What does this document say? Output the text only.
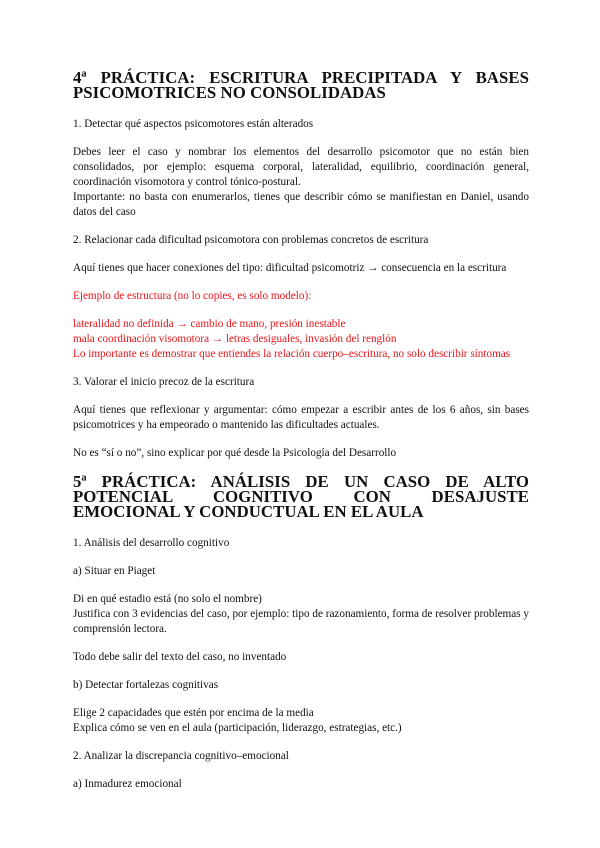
4ª PRÁCTICA: ESCRITURA PRECIPITADA Y BASES PSICOMOTRICES NO CONSOLIDADAS

1. Detectar qué aspectos psicomotores están alterados

Debes leer el caso y nombrar los elementos del desarrollo psicomotor que no están bien consolidados, por ejemplo: esquema corporal, lateralidad, equilibrio, coordinación general, coordinación visomotora y control tónico-postural.

Importante: no basta con enumerarlos, tienes que describir cómo se manifiestan en Daniel, usando datos del caso

2. Relacionar cada dificultad psicomotora con problemas concretos de escritura

Aquí tienes que hacer conexiones del tipo: dificultad psicomotriz → consecuencia en la escritura

Ejemplo de estructura (no lo copies, es solo modelo):

lateralidad no definida → cambio de mano, presión inestable

mala coordinación visomotora → letras desiguales, invasión del renglón

Lo importante es demostrar que entiendes la relación cuerpo–escritura, no solo describir síntomas

3. Valorar el inicio precoz de la escritura

Aquí tienes que reflexionar y argumentar: cómo empezar a escribir antes de los 6 años, sin bases psicomotrices y ha empeorado o mantenido las dificultades actuales.

No es “sí o no”, sino explicar por qué desde la Psicología del Desarrollo

5ª PRÁCTICA: ANÁLISIS DE UN CASO DE ALTO POTENCIAL COGNITIVO CON DESAJUSTE EMOCIONAL Y CONDUCTUAL EN EL AULA

1. Análisis del desarrollo cognitivo

a) Situar en Piaget

Di en qué estadio está (no solo el nombre)

Justifica con 3 evidencias del caso, por ejemplo: tipo de razonamiento, forma de resolver problemas y comprensión lectora.

Todo debe salir del texto del caso, no inventado

b) Detectar fortalezas cognitivas

Elige 2 capacidades que estén por encima de la media

Explica cómo se ven en el aula (participación, liderazgo, estrategias, etc.)

2. Analizar la discrepancia cognitivo–emocional

a) Inmadurez emocional
